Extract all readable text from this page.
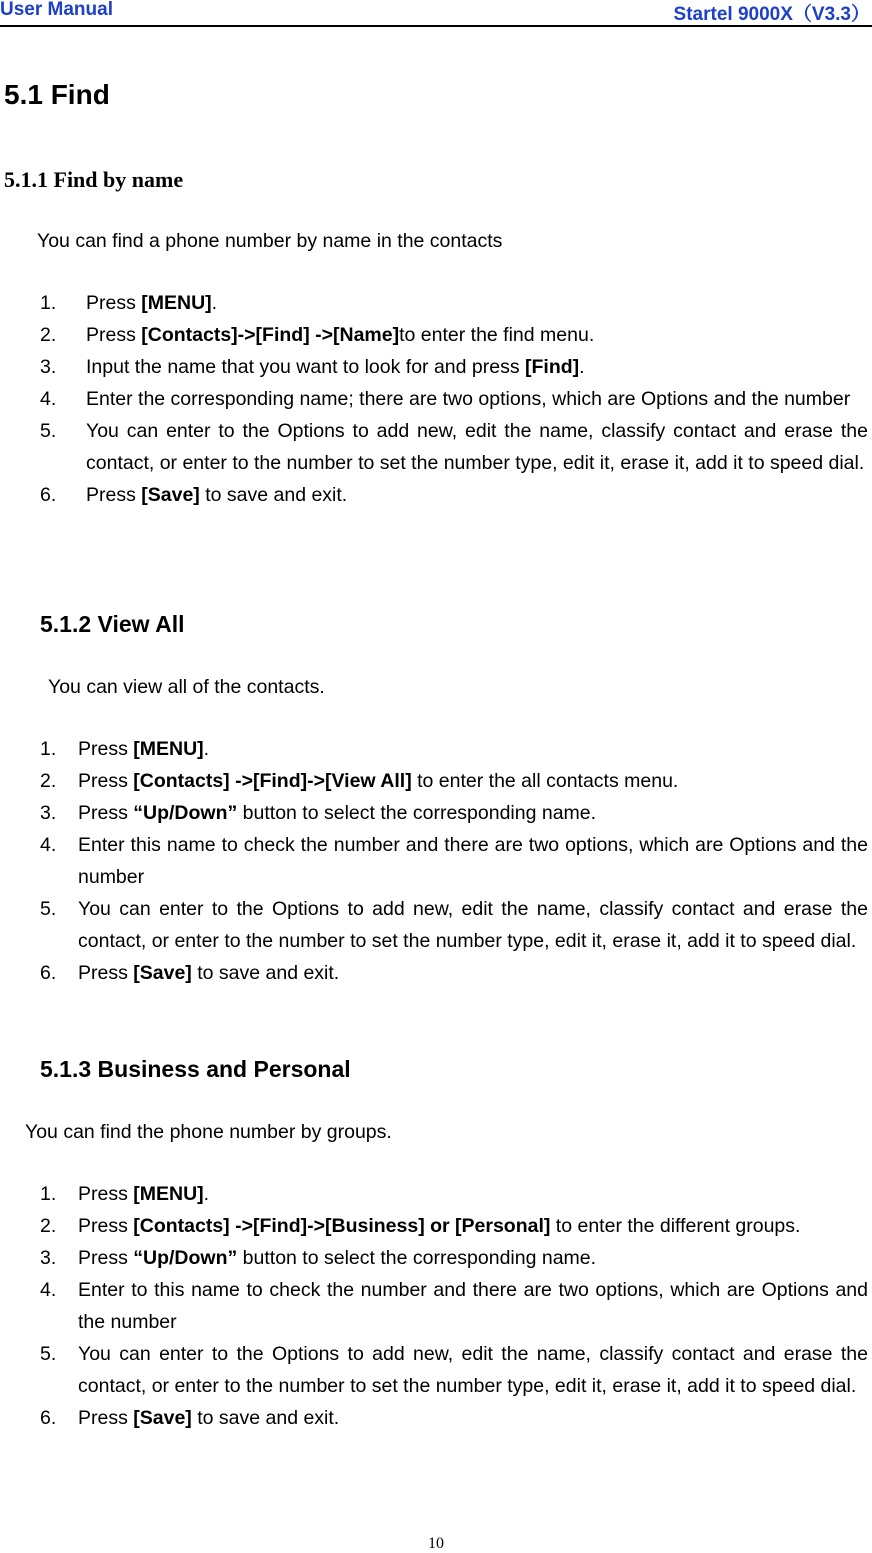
User Manual	Startel 9000X（V3.3）
5.1 Find
5.1.1 Find by name
You can find a phone number by name in the contacts
1. Press [MENU].
2. Press [Contacts]->[Find] ->[Name]to enter the find menu.
3. Input the name that you want to look for and press [Find].
4. Enter the corresponding name; there are two options, which are Options and the number
5. You can enter to the Options to add new, edit the name, classify contact and erase the contact, or enter to the number to set the number type, edit it, erase it, add it to speed dial.
6. Press [Save] to save and exit.
5.1.2 View All
You can view all of the contacts.
1. Press [MENU].
2. Press [Contacts] ->[Find]->[View All] to enter the all contacts menu.
3. Press “Up/Down” button to select the corresponding name.
4. Enter this name to check the number and there are two options, which are Options and the number
5. You can enter to the Options to add new, edit the name, classify contact and erase the contact, or enter to the number to set the number type, edit it, erase it, add it to speed dial.
6. Press [Save] to save and exit.
5.1.3 Business and Personal
You can find the phone number by groups.
1. Press [MENU].
2. Press [Contacts] ->[Find]->[Business] or [Personal] to enter the different groups.
3. Press “Up/Down” button to select the corresponding name.
4. Enter to this name to check the number and there are two options, which are Options and the number
5. You can enter to the Options to add new, edit the name, classify contact and erase the contact, or enter to the number to set the number type, edit it, erase it, add it to speed dial.
6. Press [Save] to save and exit.
10
